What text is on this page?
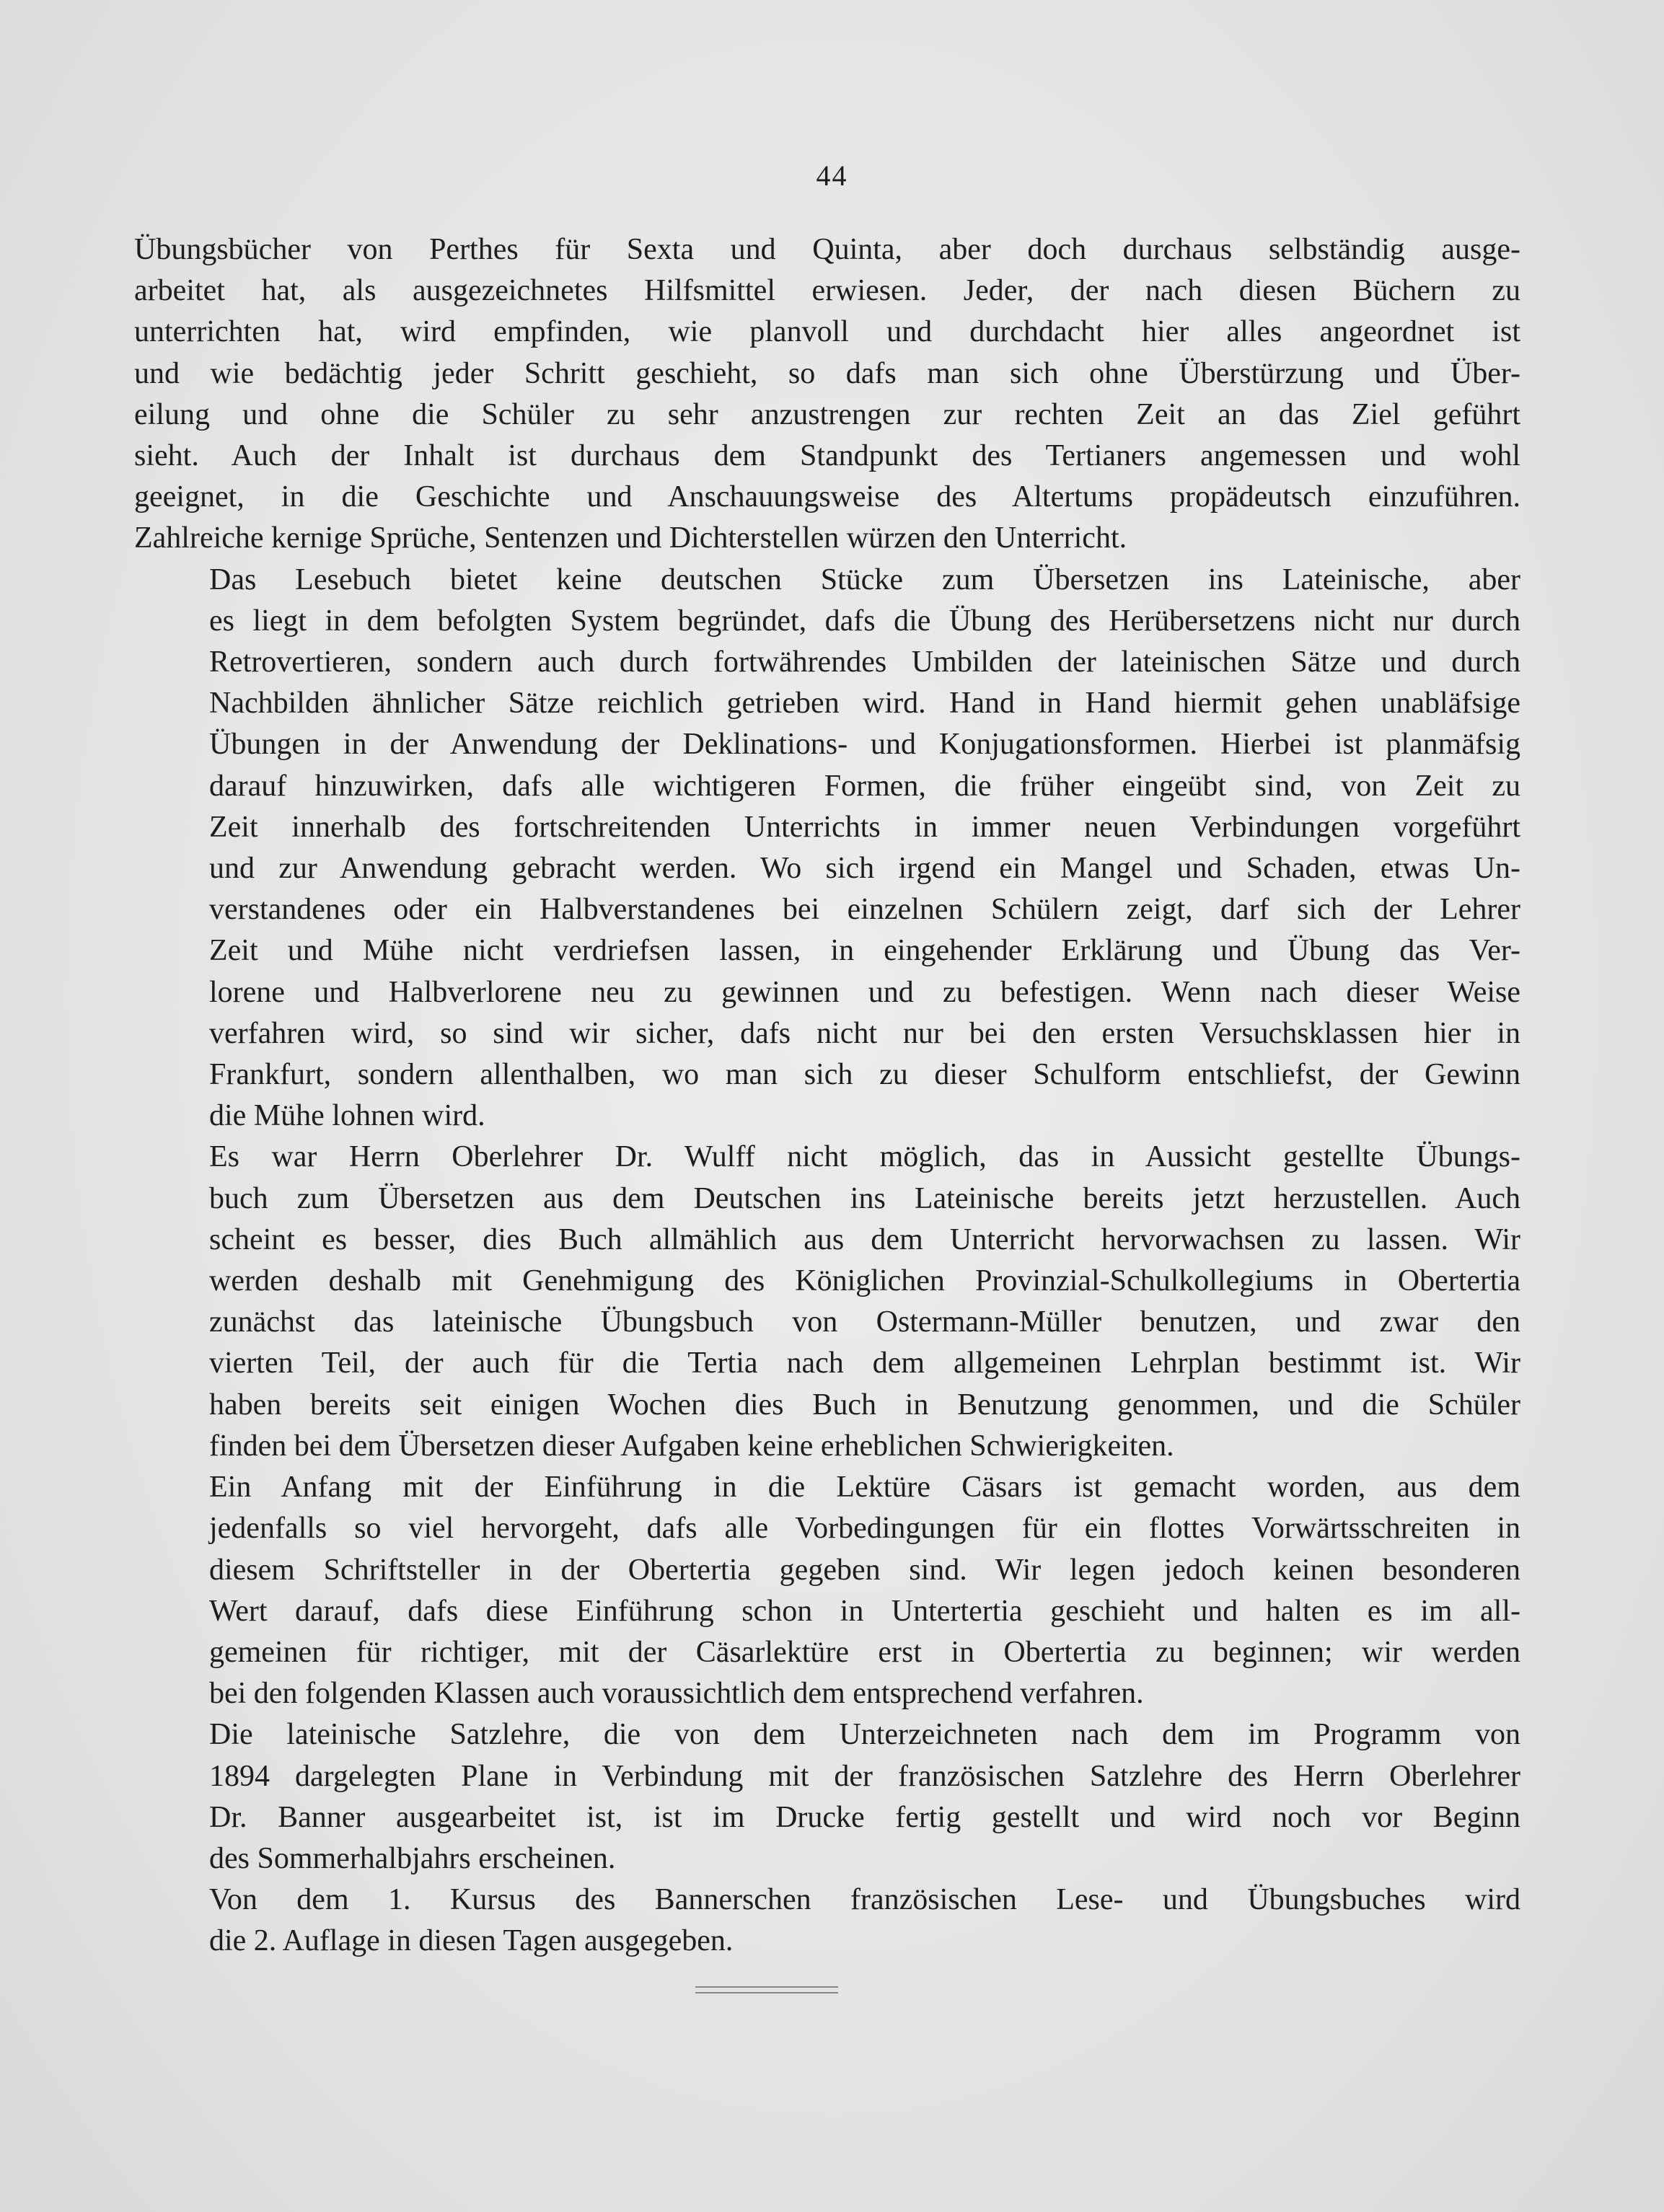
44

Übungsbücher von Perthes für Sexta und Quinta, aber doch durchaus selbständig ausge-
arbeitet hat, als ausgezeichnetes Hilfsmittel erwiesen. Jeder, der nach diesen Büchern zu
unterrichten hat, wird empfinden, wie planvoll und durchdacht hier alles angeordnet ist
und wie bedächtig jeder Schritt geschieht, so dafs man sich ohne Überstürzung und Über-
eilung und ohne die Schüler zu sehr anzustrengen zur rechten Zeit an das Ziel geführt
sieht. Auch der Inhalt ist durchaus dem Standpunkt des Tertianers angemessen und wohl
geeignet, in die Geschichte und Anschauungsweise des Altertums propädeutsch einzuführen.
Zahlreiche kernige Sprüche, Sentenzen und Dichterstellen würzen den Unterricht.

Das Lesebuch bietet keine deutschen Stücke zum Übersetzen ins Lateinische, aber
es liegt in dem befolgten System begründet, dafs die Übung des Herübersetzens nicht nur durch
Retrovertieren, sondern auch durch fortwährendes Umbilden der lateinischen Sätze und durch
Nachbilden ähnlicher Sätze reichlich getrieben wird. Hand in Hand hiermit gehen unabläfsige
Übungen in der Anwendung der Deklinations- und Konjugationsformen. Hierbei ist planmäfsig
darauf hinzuwirken, dafs alle wichtigeren Formen, die früher eingeübt sind, von Zeit zu
Zeit innerhalb des fortschreitenden Unterrichts in immer neuen Verbindungen vorgeführt
und zur Anwendung gebracht werden. Wo sich irgend ein Mangel und Schaden, etwas Un-
verstandenes oder ein Halbverstandenes bei einzelnen Schülern zeigt, darf sich der Lehrer
Zeit und Mühe nicht verdriefsen lassen, in eingehender Erklärung und Übung das Ver-
lorene und Halbverlorene neu zu gewinnen und zu befestigen. Wenn nach dieser Weise
verfahren wird, so sind wir sicher, dafs nicht nur bei den ersten Versuchsklassen hier in
Frankfurt, sondern allenthalben, wo man sich zu dieser Schulform entschliefst, der Gewinn
die Mühe lohnen wird.

Es war Herrn Oberlehrer Dr. Wulff nicht möglich, das in Aussicht gestellte Übungs-
buch zum Übersetzen aus dem Deutschen ins Lateinische bereits jetzt herzustellen. Auch
scheint es besser, dies Buch allmählich aus dem Unterricht hervorwachsen zu lassen. Wir
werden deshalb mit Genehmigung des Königlichen Provinzial-Schulkollegiums in Obertertia
zunächst das lateinische Übungsbuch von Ostermann-Müller benutzen, und zwar den
vierten Teil, der auch für die Tertia nach dem allgemeinen Lehrplan bestimmt ist. Wir
haben bereits seit einigen Wochen dies Buch in Benutzung genommen, und die Schüler
finden bei dem Übersetzen dieser Aufgaben keine erheblichen Schwierigkeiten.

Ein Anfang mit der Einführung in die Lektüre Cäsars ist gemacht worden, aus dem
jedenfalls so viel hervorgeht, dafs alle Vorbedingungen für ein flottes Vorwärtsschreiten in
diesem Schriftsteller in der Obertertia gegeben sind. Wir legen jedoch keinen besonderen
Wert darauf, dafs diese Einführung schon in Untertertia geschieht und halten es im all-
gemeinen für richtiger, mit der Cäsarlektüre erst in Obertertia zu beginnen; wir werden
bei den folgenden Klassen auch voraussichtlich dem entsprechend verfahren.

Die lateinische Satzlehre, die von dem Unterzeichneten nach dem im Programm von
1894 dargelegten Plane in Verbindung mit der französischen Satzlehre des Herrn Oberlehrer
Dr. Banner ausgearbeitet ist, ist im Drucke fertig gestellt und wird noch vor Beginn
des Sommerhalbjahrs erscheinen.

Von dem 1. Kursus des Bannerschen französischen Lese- und Übungsbuches wird
die 2. Auflage in diesen Tagen ausgegeben.
